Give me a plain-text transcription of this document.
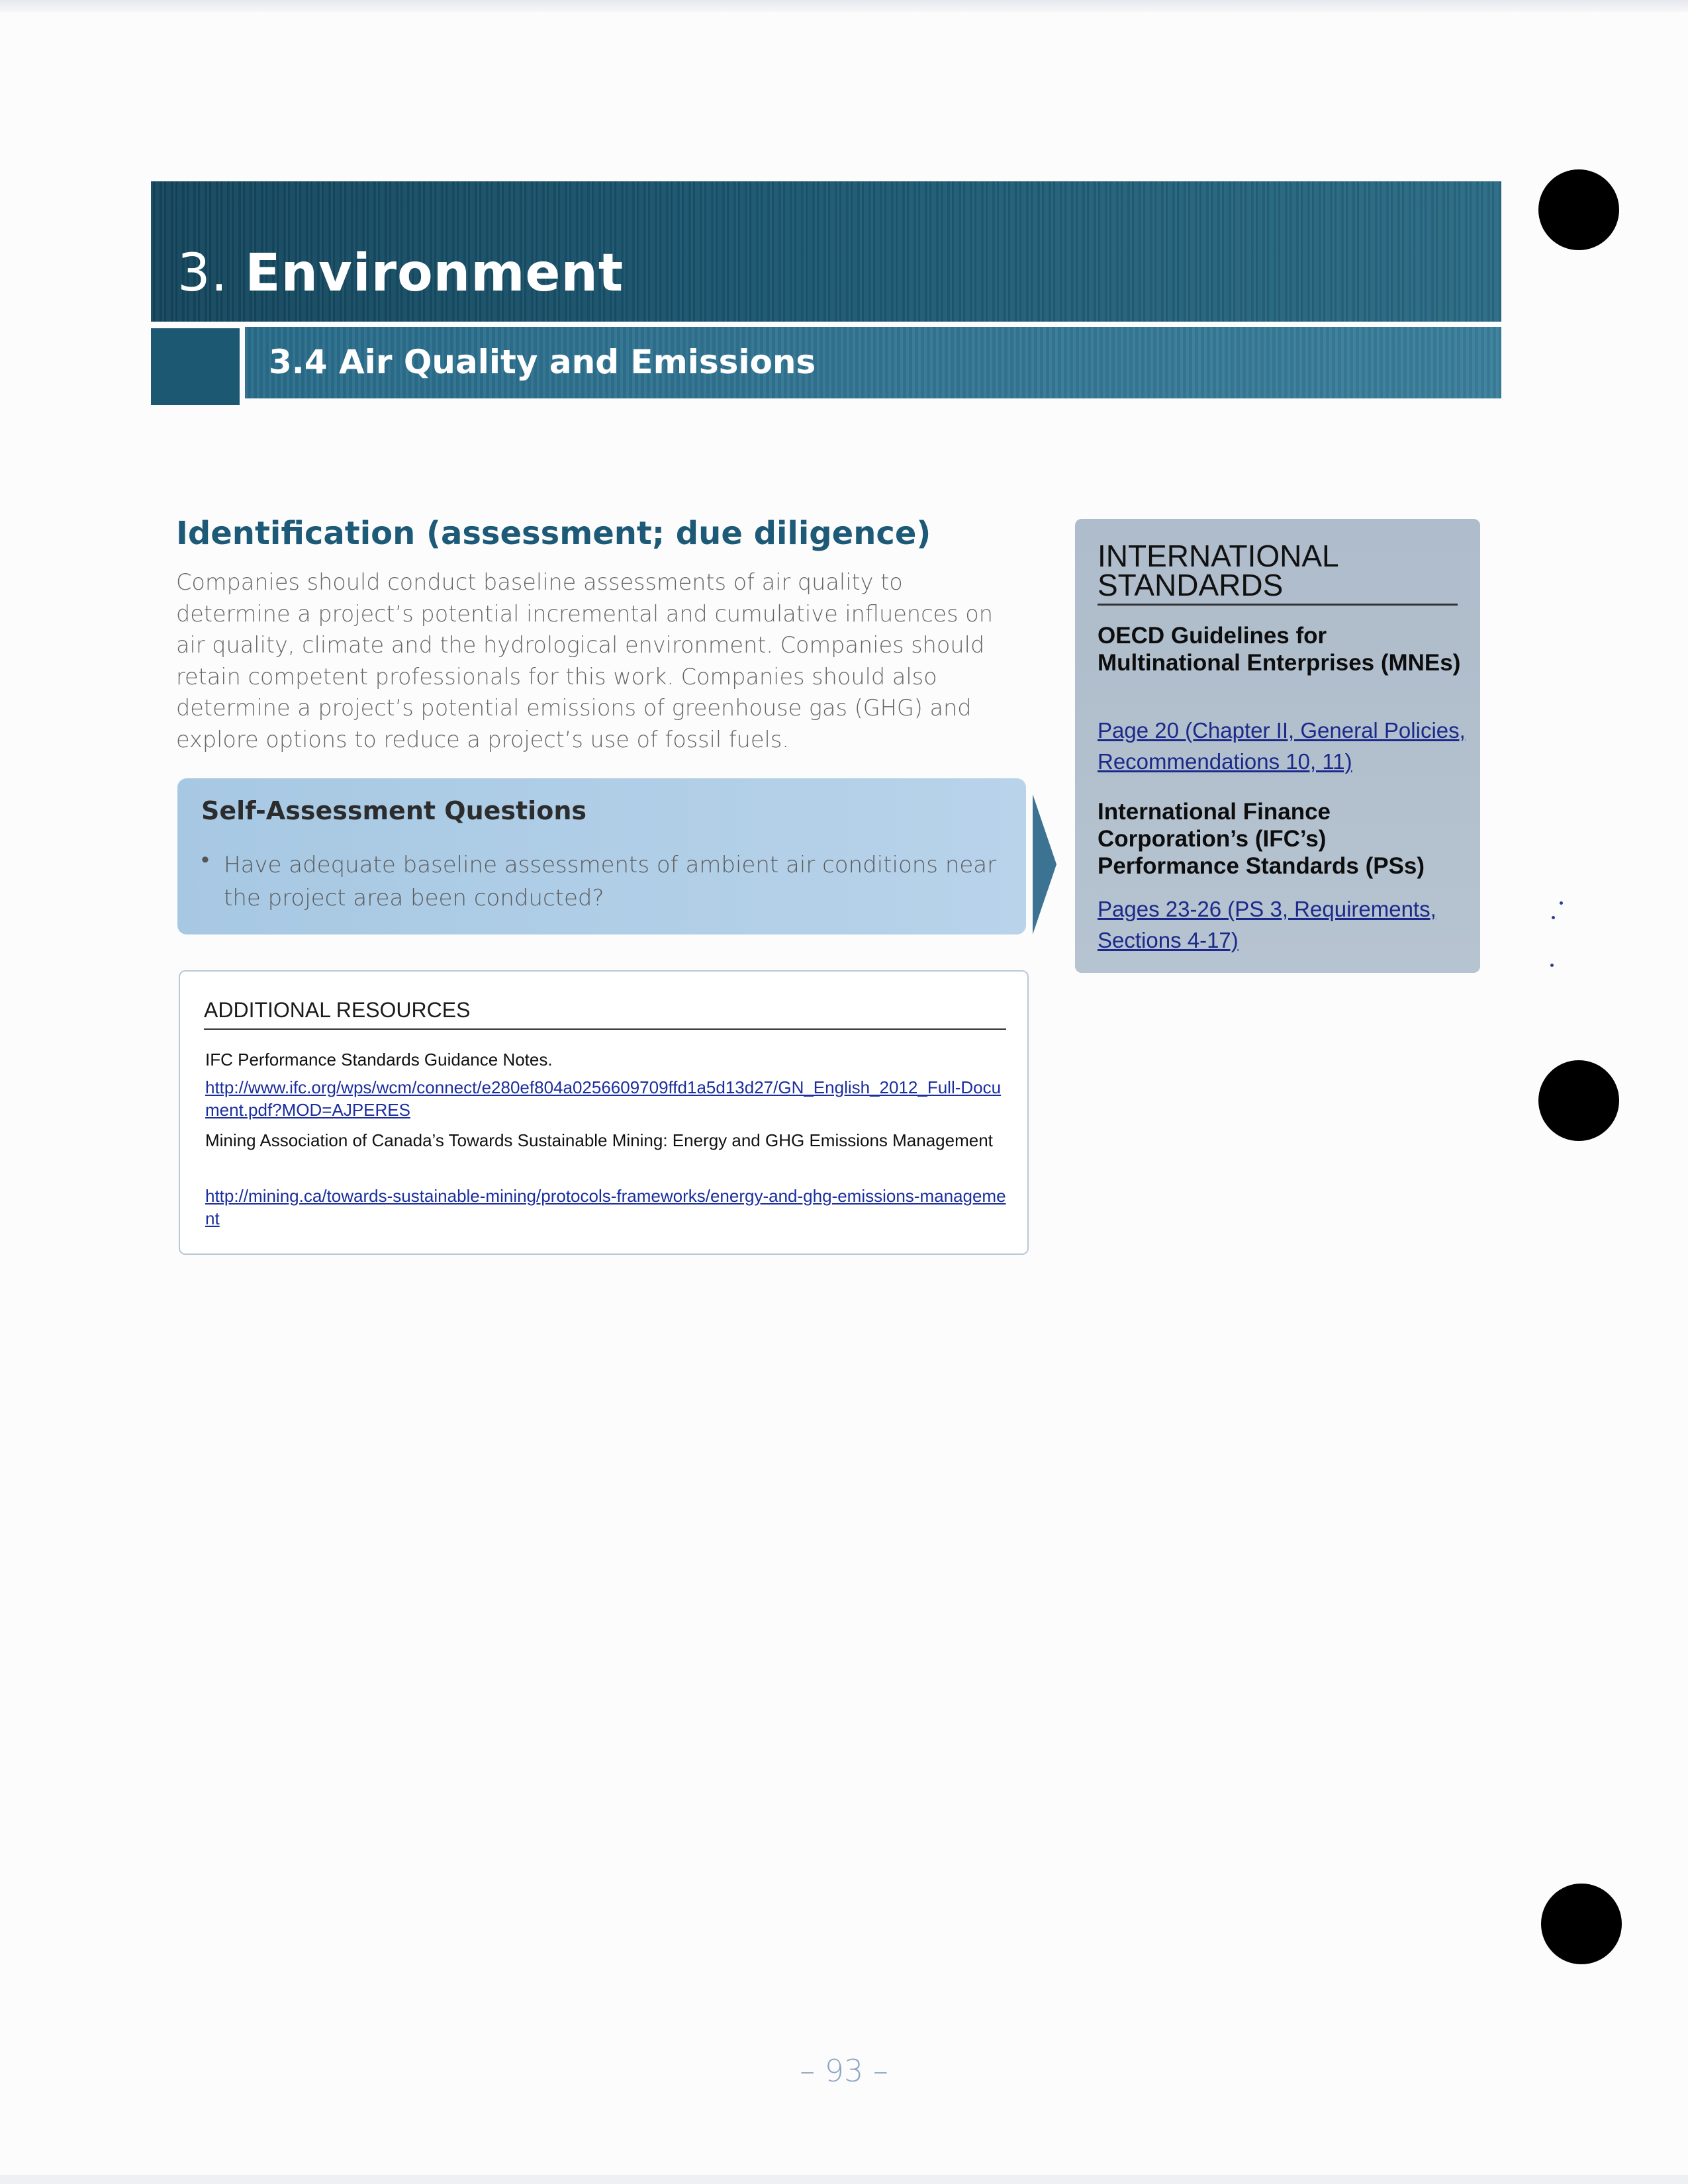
3. Environment
3.4 Air Quality and Emissions
Identification (assessment; due diligence)

Companies should conduct baseline assessments of air quality to determine a project’s potential incremental and cumulative influences on air quality, climate and the hydrological environment. Companies should retain competent professionals for this work. Companies should also determine a project’s potential emissions of greenhouse gas (GHG) and explore options to reduce a project’s use of fossil fuels.

Self-Assessment Questions
• Have adequate baseline assessments of ambient air conditions near the project area been conducted?

ADDITIONAL RESOURCES

IFC Performance Standards Guidance Notes.

http://www.ifc.org/wps/wcm/connect/e280ef804a0256609709ffd1a5d13d27/GN_English_2012_Full-Document.pdf?MOD=AJPERES

Mining Association of Canada’s Towards Sustainable Mining: Energy and GHG Emissions Management

http://mining.ca/towards-sustainable-mining/protocols-frameworks/energy-and-ghg-emissions-management

INTERNATIONAL STANDARDS

OECD Guidelines for Multinational Enterprises (MNEs)

Page 20 (Chapter II, General Policies, Recommendations 10, 11)

International Finance Corporation’s (IFC’s) Performance Standards (PSs)

Pages 23-26 (PS 3, Requirements, Sections 4-17)

– 93 –
